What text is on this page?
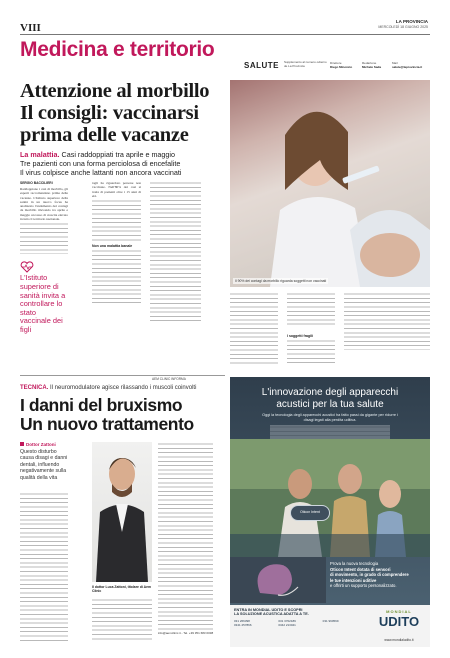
VIII
LA PROVINCIA
MERCOLEDÌ 18 GIUGNO 2025
Medicina e territorio
SALUTE Supplemento al numero odierno de La Provincia
Direttore
Diego Minonzio
Redazione
Michele Sada
Mail
salute@laprovincia.it
Attenzione al morbillo
Il consigli: vaccinarsi
prima delle vacanze
La malattia. Casi raddoppiati tra aprile e maggio
Tre pazienti con una forma perciolosa di encefalite
Il virus colpisce anche lattanti non ancora vaccinati
Il 90% dei contagi da morbillo riguarda soggetti non vaccinati
SERGIO BACCILIERI

Raddoppiano i casi di morbillo, gli esperti raccomandano prima delle vacanze. L'Istituto superiore della sanità in un nuovo focus ha analizzato l'andamento dei contagi da morbillo rilevando tra aprile e maggio un tasso di crescita elevato in tutto il territorio nazionale.

L'Istituto superiore di sanità invita a controllare lo stato vaccinale dei figli

tagli ha riguardato persone non vaccinate. Nell'80% dei casi si tratta di pazienti oltre i 15 anni di età.

Non una malattia banale
I soggetti fragili
AEM CLINIC INFORMA
TECNICA. Il neuromodulatore agisce rilassando i muscoli coinvolti
I danni del bruxismo
Un nuovo trattamento
Dottor Zattoni
Questo disturbo causa disagi e danni dentali, influendo negativamente sulla qualità della vita
Il dottor Luca Zattoni, titolare di Aem Clinic
info@aemclinic.it - Tel. +39 351 683 0038
L'innovazione degli apparecchi
acustici per la tua salute
Oggi la tecnologia degli apparecchi acustici ha fatto passi da gigante per ridurre i disagi legati alla perdita uditiva.
Oticon Intent
Prova la nuova tecnologia
Oticon Intent dotata di sensori
di movimento, in grado di comprendere
le tue intenzioni uditive
e offrirti un supporto personalizzato.
ENTRA IN MONDIAL UDITO E SCOPRI
LA SOLUZIONE ACUSTICA ADATTA A TE.
031 266398	031 3702189	031 990599
0341 257866	0342 213041
MONDIAL
UDITO
www.mondialudito.it
